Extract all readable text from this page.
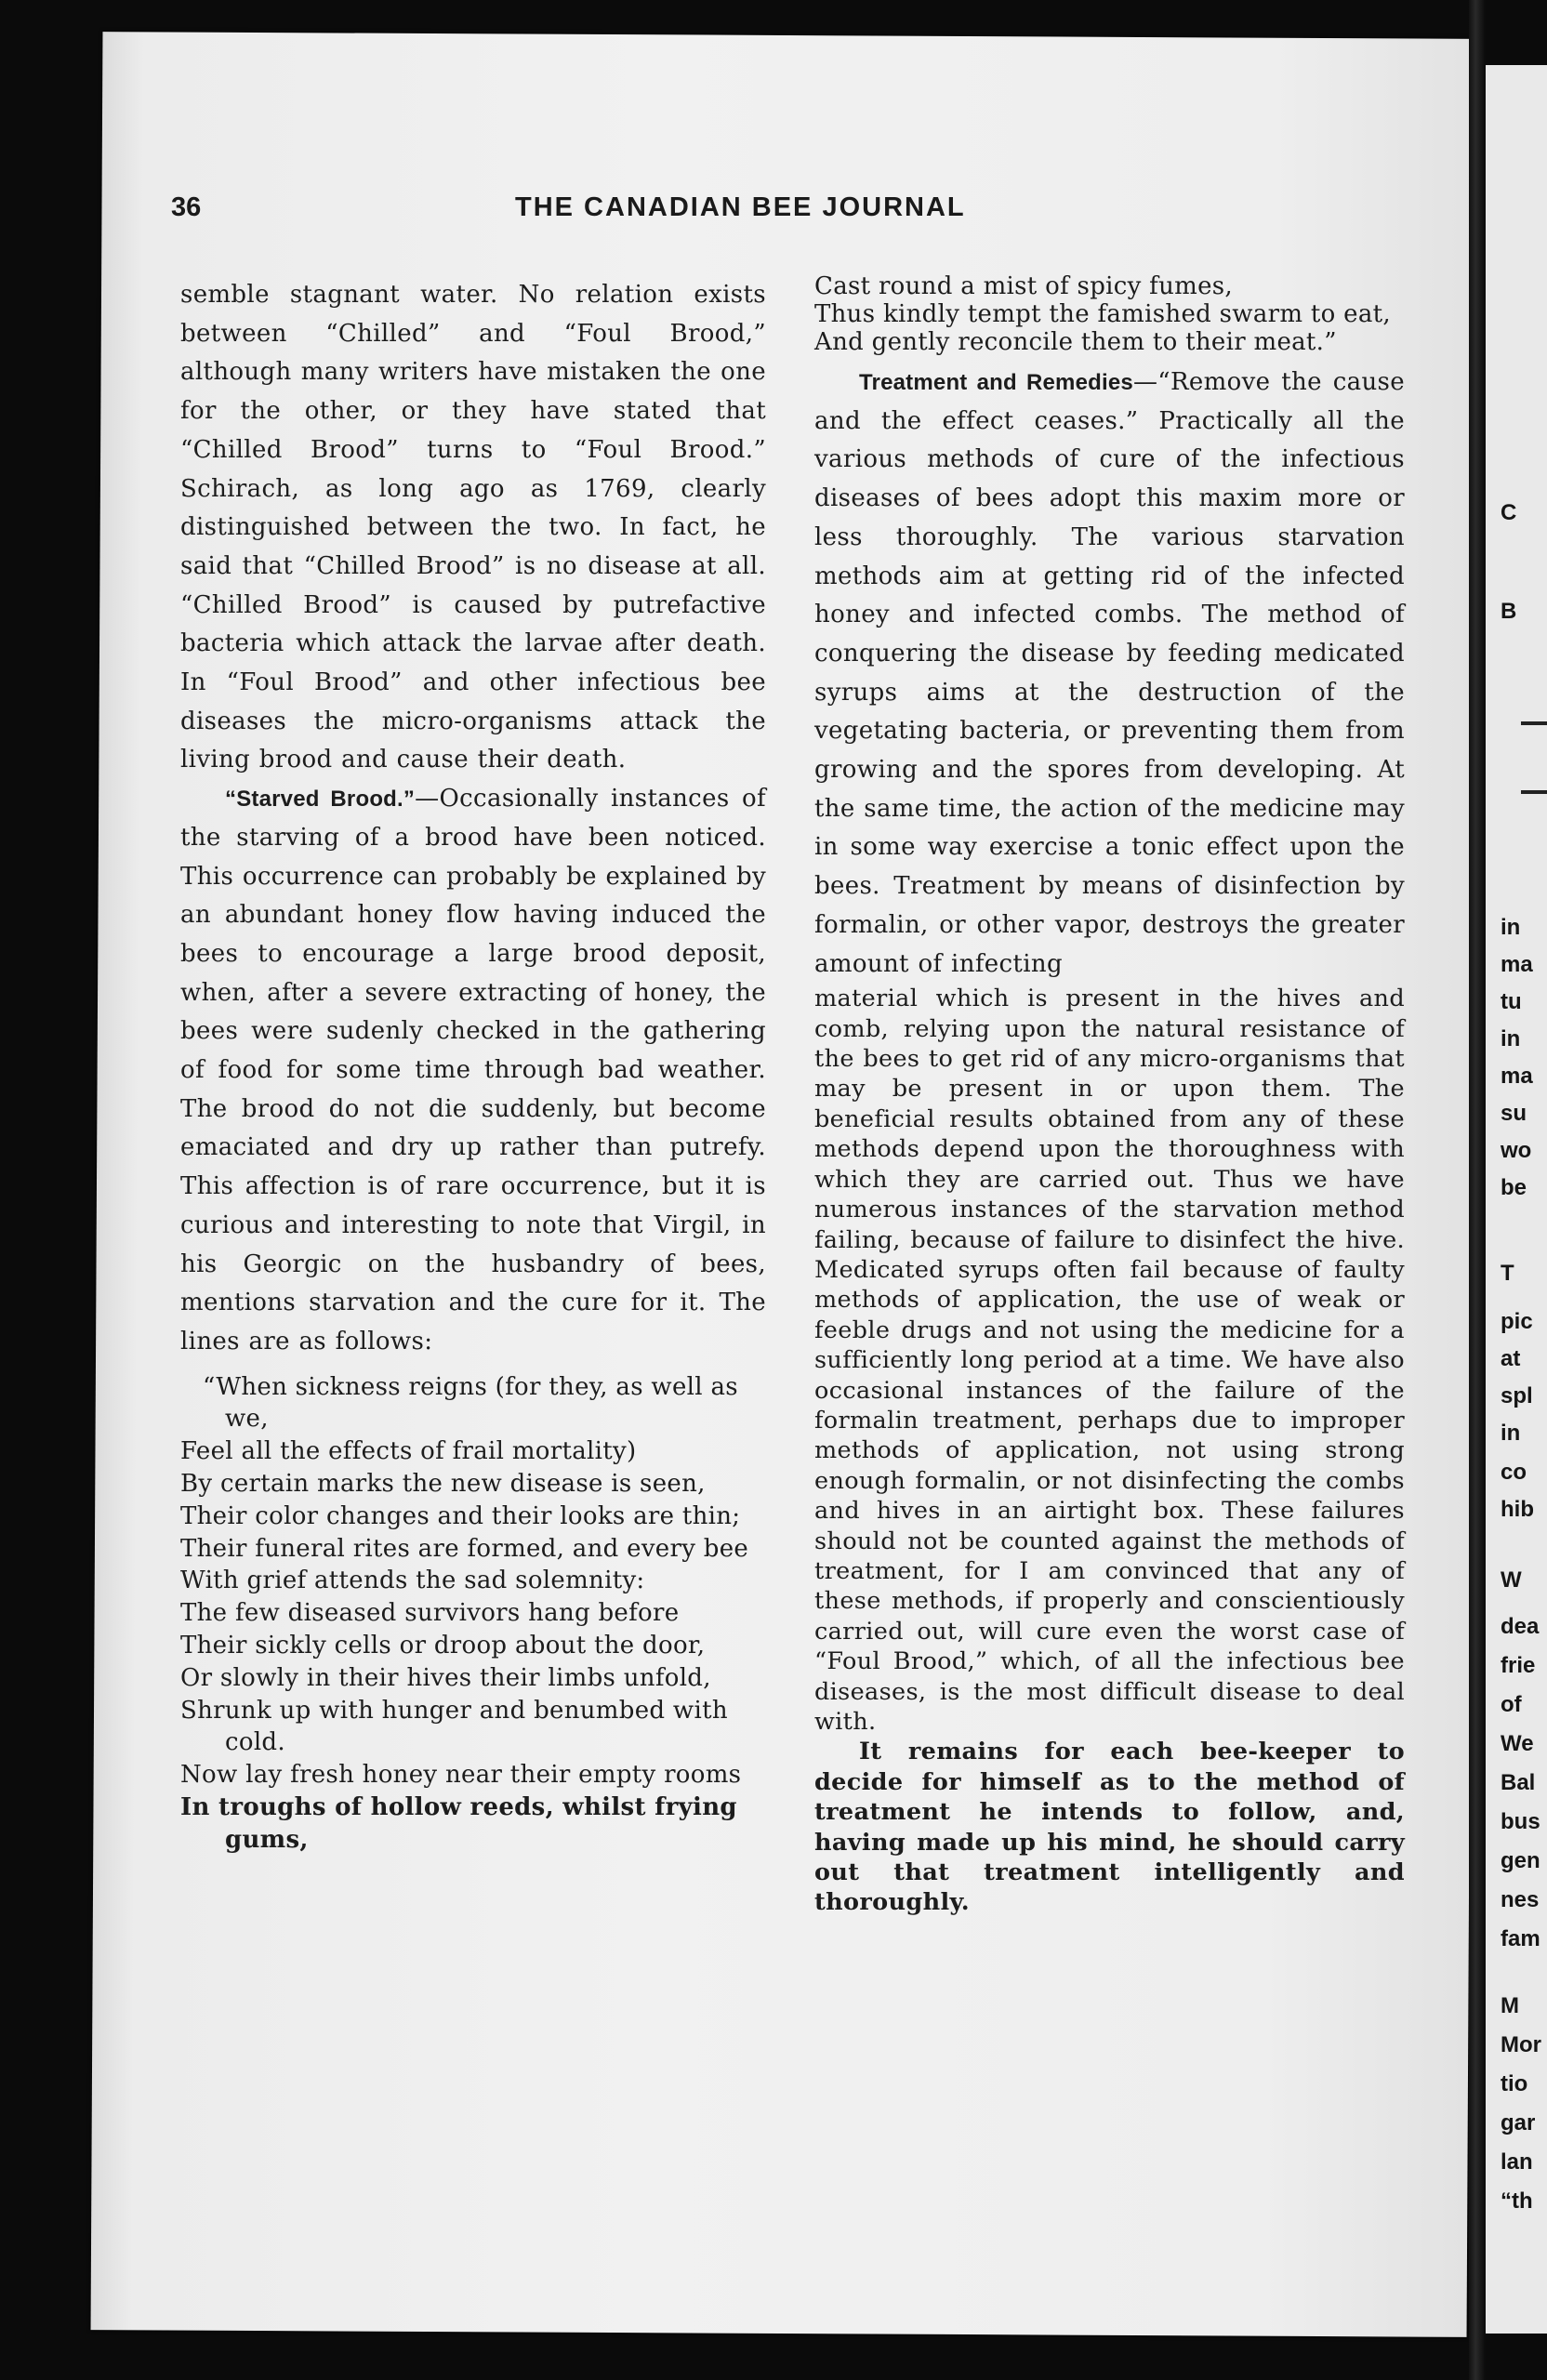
C

B

in

ma

tu

in

ma

su

wo

be

T

pic

at

spl

in

co

hib

W

dea

frie

of

We

Bal

bus

gen

nes

fam

M

Mor

tio

gar

lan

“th

36	THE CANADIAN BEE JOURNAL

semble stagnant water. No relation exists between “Chilled” and “Foul Brood,” although many writers have mistaken the one for the other, or they have stated that “Chilled Brood” turns to “Foul Brood.” Schirach, as long ago as 1769, clearly distinguished between the two. In fact, he said that “Chilled Brood” is no disease at all. “Chilled Brood” is caused by putrefactive bacteria which attack the larvae after death. In “Foul Brood” and other infectious bee diseases the micro-organisms attack the living brood and cause their death.

“Starved Brood.”—Occasionally instances of the starving of a brood have been noticed. This occurrence can probably be explained by an abundant honey flow having induced the bees to encourage a large brood deposit, when, after a severe extracting of honey, the bees were sudenly checked in the gathering of food for some time through bad weather. The brood do not die suddenly, but become emaciated and dry up rather than putrefy. This affection is of rare occurrence, but it is curious and interesting to note that Virgil, in his Georgic on the husbandry of bees, mentions starvation and the cure for it. The lines are as follows:

“When sickness reigns (for they, as well as we,

Feel all the effects of frail mortality)

By certain marks the new disease is seen,

Their color changes and their looks are thin;

Their funeral rites are formed, and every bee

With grief attends the sad solemnity:

The few diseased survivors hang before

Their sickly cells or droop about the door,

Or slowly in their hives their limbs unfold,

Shrunk up with hunger and benumbed with cold.

Now lay fresh honey near their empty rooms

In troughs of hollow reeds, whilst frying gums,

Cast round a mist of spicy fumes,

Thus kindly tempt the famished swarm to eat,

And gently reconcile them to their meat.”

Treatment and Remedies—“Remove the cause and the effect ceases.” Practically all the various methods of cure of the infectious diseases of bees adopt this maxim more or less thoroughly. The various starvation methods aim at getting rid of the infected honey and infected combs. The method of conquering the disease by feeding medicated syrups aims at the destruction of the vegetating bacteria, or preventing them from growing and the spores from developing. At the same time, the action of the medicine may in some way exercise a tonic effect upon the bees. Treatment by means of disinfection by formalin, or other vapor, destroys the greater amount of infecting

material which is present in the hives and comb, relying upon the natural resistance of the bees to get rid of any micro-organisms that may be present in or upon them. The beneficial results obtained from any of these methods depend upon the thoroughness with which they are carried out. Thus we have numerous instances of the starvation method failing, because of failure to disinfect the hive. Medicated syrups often fail because of faulty methods of application, the use of weak or feeble drugs and not using the medicine for a sufficiently long period at a time. We have also occasional instances of the failure of the formalin treatment, perhaps due to improper methods of application, not using strong enough formalin, or not disinfecting the combs and hives in an airtight box. These failures should not be counted against the methods of treatment, for I am convinced that any of these methods, if properly and conscientiously carried out, will cure even the worst case of “Foul Brood,” which, of all the infectious bee diseases, is the most difficult disease to deal with.

It remains for each bee-keeper to decide for himself as to the method of treatment he intends to follow, and, having made up his mind, he should carry out that treatment intelligently and thoroughly.
